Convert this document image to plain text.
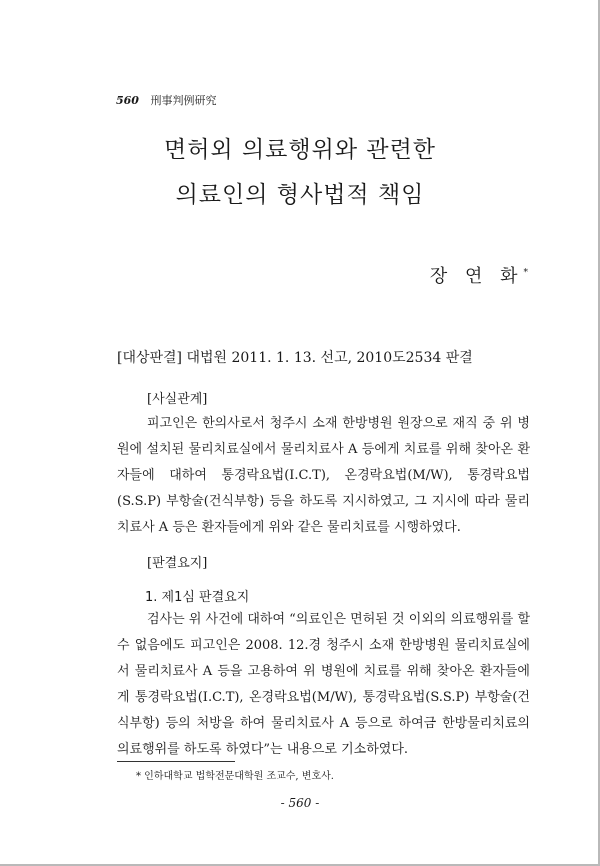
560 刑事判例研究
면허외 의료행위와 관련한
의료인의 형사법적 책임
장 연 화*
[대상판결] 대법원 2011. 1. 13. 선고, 2010도2534 판결
[사실관계]

피고인은 한의사로서 청주시 소재 한방병원 원장으로 재직 중 위 병원에 설치된 물리치료실에서 물리치료사 A 등에게 치료를 위해 찾아온 환자들에 대하여 통경락요법(I.C.T), 온경락요법(M/W), 통경락요법(S.S.P) 부항술(건식부항) 등을 하도록 지시하였고, 그 지시에 따라 물리치료사 A 등은 환자들에게 위와 같은 물리치료를 시행하였다.

[판결요지]
1. 제1심 판결요지

검사는 위 사건에 대하여 “의료인은 면허된 것 이외의 의료행위를 할 수 없음에도 피고인은 2008. 12.경 청주시 소재 한방병원 물리치료실에서 물리치료사 A 등을 고용하여 위 병원에 치료를 위해 찾아온 환자들에게 통경락요법(I.C.T), 온경락요법(M/W), 통경락요법(S.S.P) 부항술(건식부항) 등의 처방을 하여 물리치료사 A 등으로 하여금 한방물리치료의 의료행위를 하도록 하였다”는 내용으로 기소하였다.

* 인하대학교 법학전문대학원 조교수, 변호사.
- 560 -
